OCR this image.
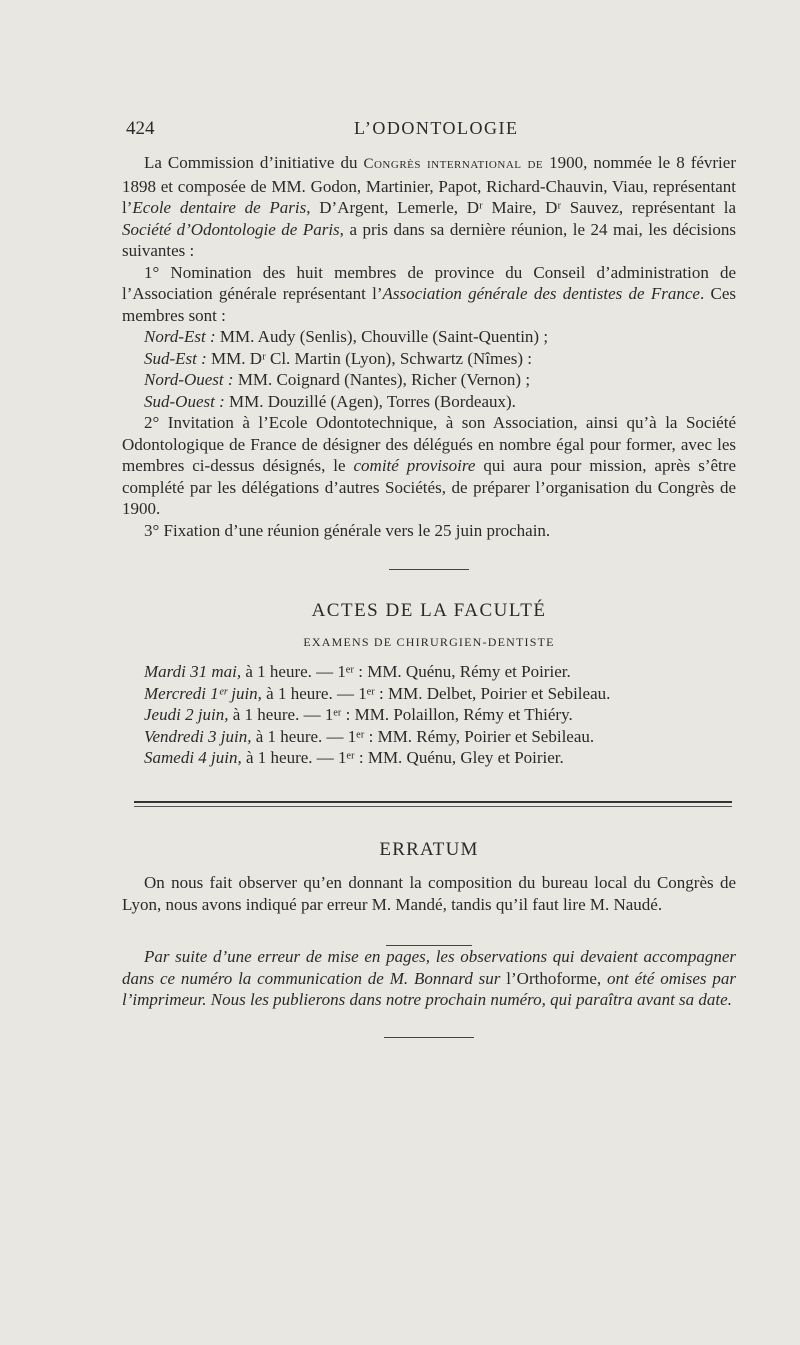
424	L’ODONTOLOGIE

La Commission d’initiative du Congrès international de 1900, nommée le 8 février 1898 et composée de MM. Godon, Martinier, Papot, Richard-Chauvin, Viau, représentant l’Ecole dentaire de Paris, D’Argent, Lemerle, Dʳ Maire, Dʳ Sauvez, représentant la Société d’Odontologie de Paris, a pris dans sa dernière réunion, le 24 mai, les décisions suivantes :

1° Nomination des huit membres de province du Conseil d’administration de l’Association générale représentant l’Association générale des dentistes de France. Ces membres sont :

Nord-Est : MM. Audy (Senlis), Chouville (Saint-Quentin) ;
Sud-Est : MM. Dʳ Cl. Martin (Lyon), Schwartz (Nîmes) :
Nord-Ouest : MM. Coignard (Nantes), Richer (Vernon) ;
Sud-Ouest : MM. Douzillé (Agen), Torres (Bordeaux).

2° Invitation à l’Ecole Odontotechnique, à son Association, ainsi qu’à la Société Odontologique de France de désigner des délégués en nombre égal pour former, avec les membres ci-dessus désignés, le comité provisoire qui aura pour mission, après s’être complété par les délégations d’autres Sociétés, de préparer l’organisation du Congrès de 1900.

3° Fixation d’une réunion générale vers le 25 juin prochain.

ACTES DE LA FACULTÉ
EXAMENS DE CHIRURGIEN-DENTISTE

Mardi 31 mai, à 1 heure. — 1ᵉʳ : MM. Quénu, Rémy et Poirier.

Mercredi 1ᵉʳ juin, à 1 heure. — 1ᵉʳ : MM. Delbet, Poirier et Sebileau.

Jeudi 2 juin, à 1 heure. — 1ᵉʳ : MM. Polaillon, Rémy et Thiéry.

Vendredi 3 juin, à 1 heure. — 1ᵉʳ : MM. Rémy, Poirier et Sebileau.

Samedi 4 juin, à 1 heure. — 1ᵉʳ : MM. Quénu, Gley et Poirier.

ERRATUM

On nous fait observer qu’en donnant la composition du bureau local du Congrès de Lyon, nous avons indiqué par erreur M. Mandé, tandis qu’il faut lire M. Naudé.

Par suite d’une erreur de mise en pages, les observations qui devaient accompagner dans ce numéro la communication de M. Bonnard sur l’Orthoforme, ont été omises par l’imprimeur. Nous les publierons dans notre prochain numéro, qui paraîtra avant sa date.
